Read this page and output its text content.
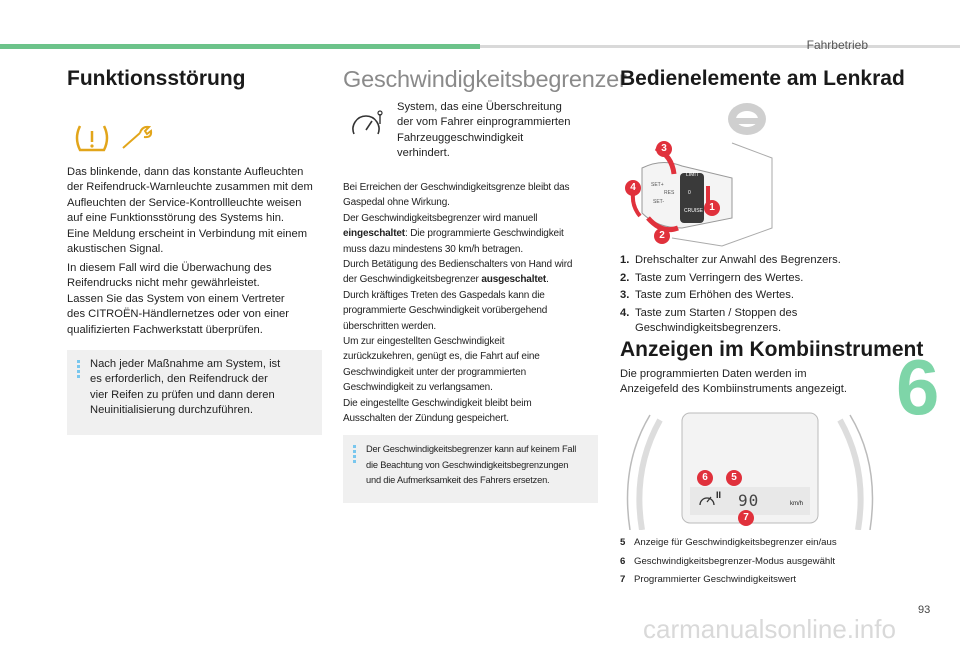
Fahrbetrieb
6
93
carmanualsonline.info
Funktionsstörung
Das blinkende, dann das konstante Aufleuchten
der Reifendruck-Warnleuchte zusammen mit dem
Aufleuchten der Service-Kontrollleuchte weisen
auf eine Funktionsstörung des Systems hin.
Eine Meldung erscheint in Verbindung mit einem
akustischen Signal.
In diesem Fall wird die Überwachung des
Reifendrucks nicht mehr gewährleistet.
Lassen Sie das System von einem Vertreter
des CITROËN-Händlernetzes oder von einer
qualifizierten Fachwerkstatt überprüfen.
Nach jeder Maßnahme am System, ist
es erforderlich, den Reifendruck der
vier Reifen zu prüfen und dann deren
Neuinitialisierung durchzuführen.
Geschwindigkeitsbegrenzer
System, das eine Überschreitung
der vom Fahrer einprogrammierten
Fahrzeuggeschwindigkeit
verhindert.
Bei Erreichen der Geschwindigkeitsgrenze bleibt das
Gaspedal ohne Wirkung.
Der Geschwindigkeitsbegrenzer wird manuell
eingeschaltet: Die programmierte Geschwindigkeit
muss dazu mindestens 30 km/h betragen.
Durch Betätigung des Bedienschalters von Hand wird
der Geschwindigkeitsbegrenzer ausgeschaltet.
Durch kräftiges Treten des Gaspedals kann die
programmierte Geschwindigkeit vorübergehend
überschritten werden.
Um zur eingestellten Geschwindigkeit
zurückzukehren, genügt es, die Fahrt auf eine
Geschwindigkeit unter der programmierten
Geschwindigkeit zu verlangsamen.
Die eingestellte Geschwindigkeit bleibt beim
Ausschalten der Zündung gespeichert.
Der Geschwindigkeitsbegrenzer kann auf keinem Fall
die Beachtung von Geschwindigkeitsbegrenzungen
und die Aufmerksamkeit des Fahrers ersetzen.
Bedienelemente am Lenkrad
LIMIT
CRUISE
SET+
SET-
RES	0
1
2
3
4
1. Drehschalter zur Anwahl des Begrenzers.
2. Taste zum Verringern des Wertes.
3. Taste zum Erhöhen des Wertes.
4. Taste zum Starten / Stoppen des
Geschwindigkeitsbegrenzers.
Anzeigen im Kombiinstrument
Die programmierten Daten werden im
Anzeigefeld des Kombiinstruments angezeigt.
II 90	km/h
5
6
7
5 Anzeige für Geschwindigkeitsbegrenzer ein/aus
6 Geschwindigkeitsbegrenzer-Modus ausgewählt
7 Programmierter Geschwindigkeitswert
